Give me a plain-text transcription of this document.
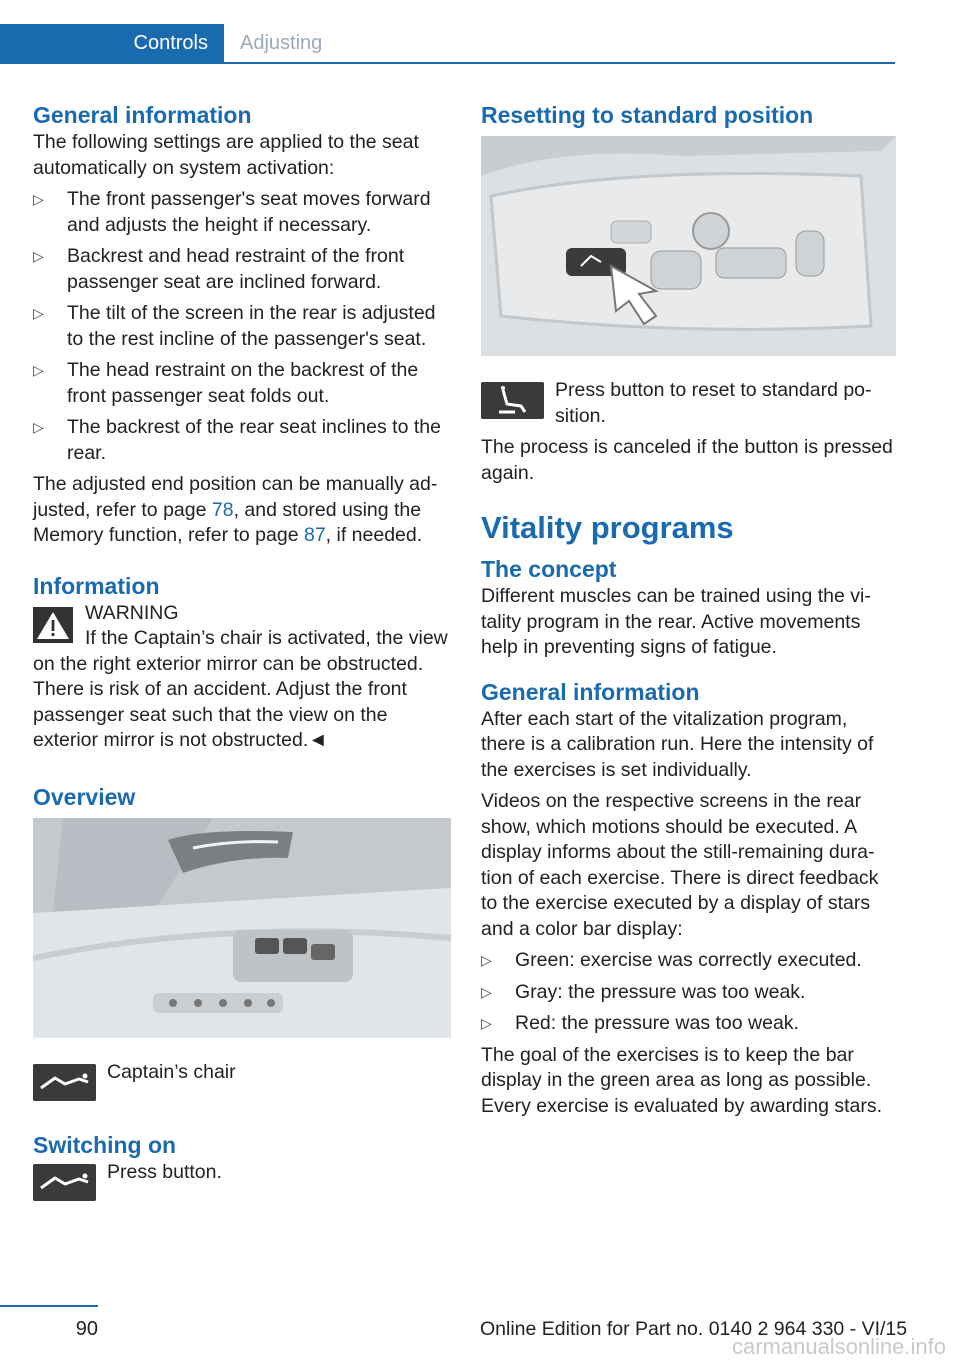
Controls	Adjusting
General information

The following settings are applied to the seat automatically on system activation:

▷ The front passenger's seat moves forward and adjusts the height if necessary.
▷ Backrest and head restraint of the front passenger seat are inclined forward.
▷ The tilt of the screen in the rear is adjusted to the rest incline of the passenger's seat.
▷ The head restraint on the backrest of the front passenger seat folds out.
▷ The backrest of the rear seat inclines to the rear.

The adjusted end position can be manually adjusted, refer to page 78, and stored using the Memory function, refer to page 87, if needed.

Information
WARNING
If the Captain’s chair is activated, the view on the right exterior mirror can be obstructed. There is risk of an accident. Adjust the front passenger seat such that the view on the exterior mirror is not obstructed.◄
Overview
Captain’s chair
Switching on
Press button.
Resetting to standard position
Press button to reset to standard position.

The process is canceled if the button is pressed again.

Vitality programs
The concept

Different muscles can be trained using the vitality program in the rear. Active movements help in preventing signs of fatigue.

General information

After each start of the vitalization program, there is a calibration run. Here the intensity of the exercises is set individually.

Videos on the respective screens in the rear show, which motions should be executed. A display informs about the still-remaining duration of each exercise. There is direct feedback to the exercise executed by a display of stars and a color bar display:

▷ Green: exercise was correctly executed.
▷ Gray: the pressure was too weak.
▷ Red: the pressure was too weak.

The goal of the exercises is to keep the bar display in the green area as long as possible. Every exercise is evaluated by awarding stars.

90	Online Edition for Part no. 0140 2 964 330 - VI/15
carmanualsonline.info
